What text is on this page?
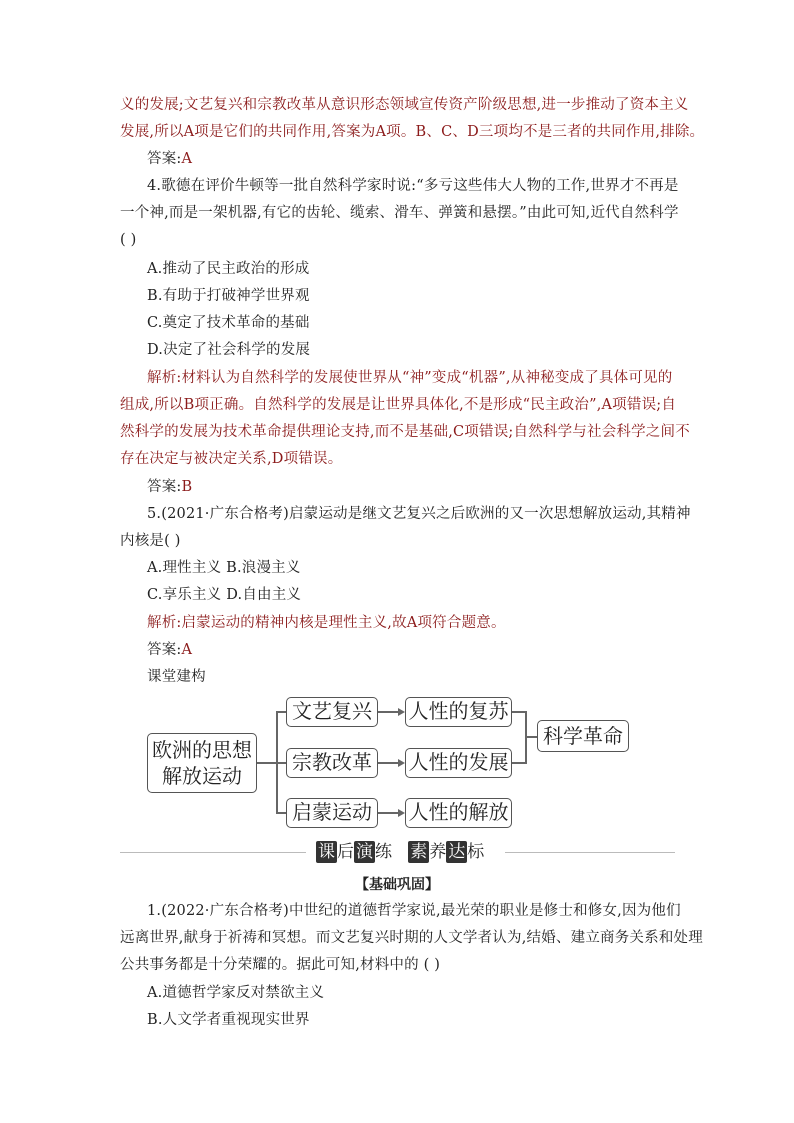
义的发展;文艺复兴和宗教改革从意识形态领域宣传资产阶级思想,进一步推动了资本主义
发展,所以A项是它们的共同作用,答案为A项。B、C、D三项均不是三者的共同作用,排除。
答案:A
4.歌德在评价牛顿等一批自然科学家时说:“多亏这些伟大人物的工作,世界才不再是
一个神,而是一架机器,有它的齿轮、缆索、滑车、弹簧和悬摆。”由此可知,近代自然科学
( )
A.推动了民主政治的形成
B.有助于打破神学世界观
C.奠定了技术革命的基础
D.决定了社会科学的发展
解析:材料认为自然科学的发展使世界从“神”变成“机器”,从神秘变成了具体可见的
组成,所以B项正确。自然科学的发展是让世界具体化,不是形成“民主政治”,A项错误;自
然科学的发展为技术革命提供理论支持,而不是基础,C项错误;自然科学与社会科学之间不
存在决定与被决定关系,D项错误。
答案:B
5.(2021·广东合格考)启蒙运动是继文艺复兴之后欧洲的又一次思想解放运动,其精神
内核是( )
A.理性主义 B.浪漫主义
C.享乐主义 D.自由主义
解析:启蒙运动的精神内核是理性主义,故A项符合题意。
答案:A
课堂建构
欧洲的思想
解放运动
文艺复兴	人性的复苏
宗教改革	人性的发展
启蒙运动	人性的解放
科学革命
课 后 演 练 素 养 达 标
【基础巩固】
1.(2022·广东合格考)中世纪的道德哲学家说,最光荣的职业是修士和修女,因为他们
远离世界,献身于祈祷和冥想。而文艺复兴时期的人文学者认为,结婚、建立商务关系和处理
公共事务都是十分荣耀的。据此可知,材料中的 ( )
A.道德哲学家反对禁欲主义
B.人文学者重视现实世界
